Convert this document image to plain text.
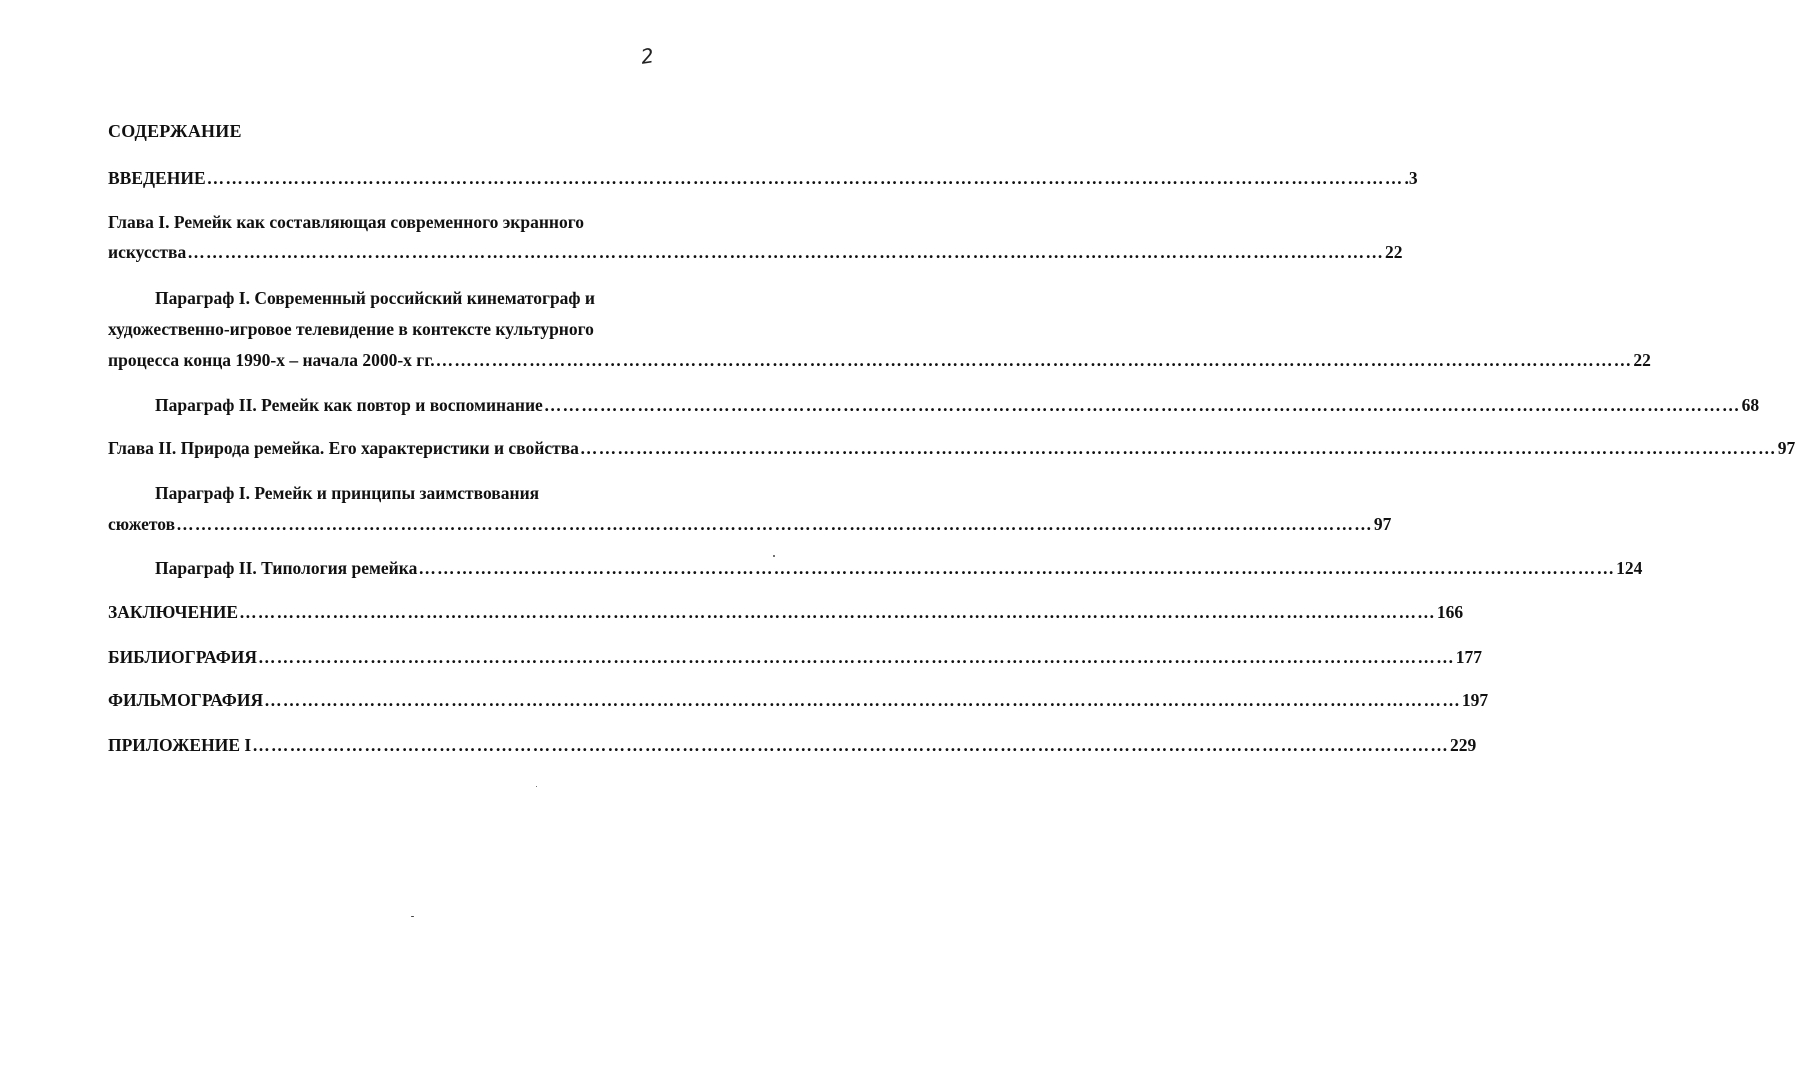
2
СОДЕРЖАНИЕ
ВВЕДЕНИЕ ………………………………………………………………………………………………………………………………………………………………………… .3
Глава I. Ремейк как составляющая современного экранного
искусства ………………………………………………………………………………………………………………………………………………………………………… 22
Параграф I. Современный российский кинематограф и
художественно-игровое телевидение в контексте культурного
процесса конца 1990-х – начала 2000-х гг. ………………………………………………………………………………………………………………………………………………………………………… 22
Параграф II. Ремейк как повтор и воспоминание ………………………………………………………………………………………………………………………………………………………………………… 68
Глава II. Природа ремейка. Его характеристики и свойства ………………………………………………………………………………………………………………………………………………………………………… 97
Параграф I. Ремейк и принципы заимствования
сюжетов ………………………………………………………………………………………………………………………………………………………………………… 97
Параграф II. Типология ремейка ………………………………………………………………………………………………………………………………………………………………………… 124
ЗАКЛЮЧЕНИЕ ………………………………………………………………………………………………………………………………………………………………………… 166
БИБЛИОГРАФИЯ ………………………………………………………………………………………………………………………………………………………………………… 177
ФИЛЬМОГРАФИЯ ………………………………………………………………………………………………………………………………………………………………………… 197
ПРИЛОЖЕНИЕ I ………………………………………………………………………………………………………………………………………………………………………… 229
